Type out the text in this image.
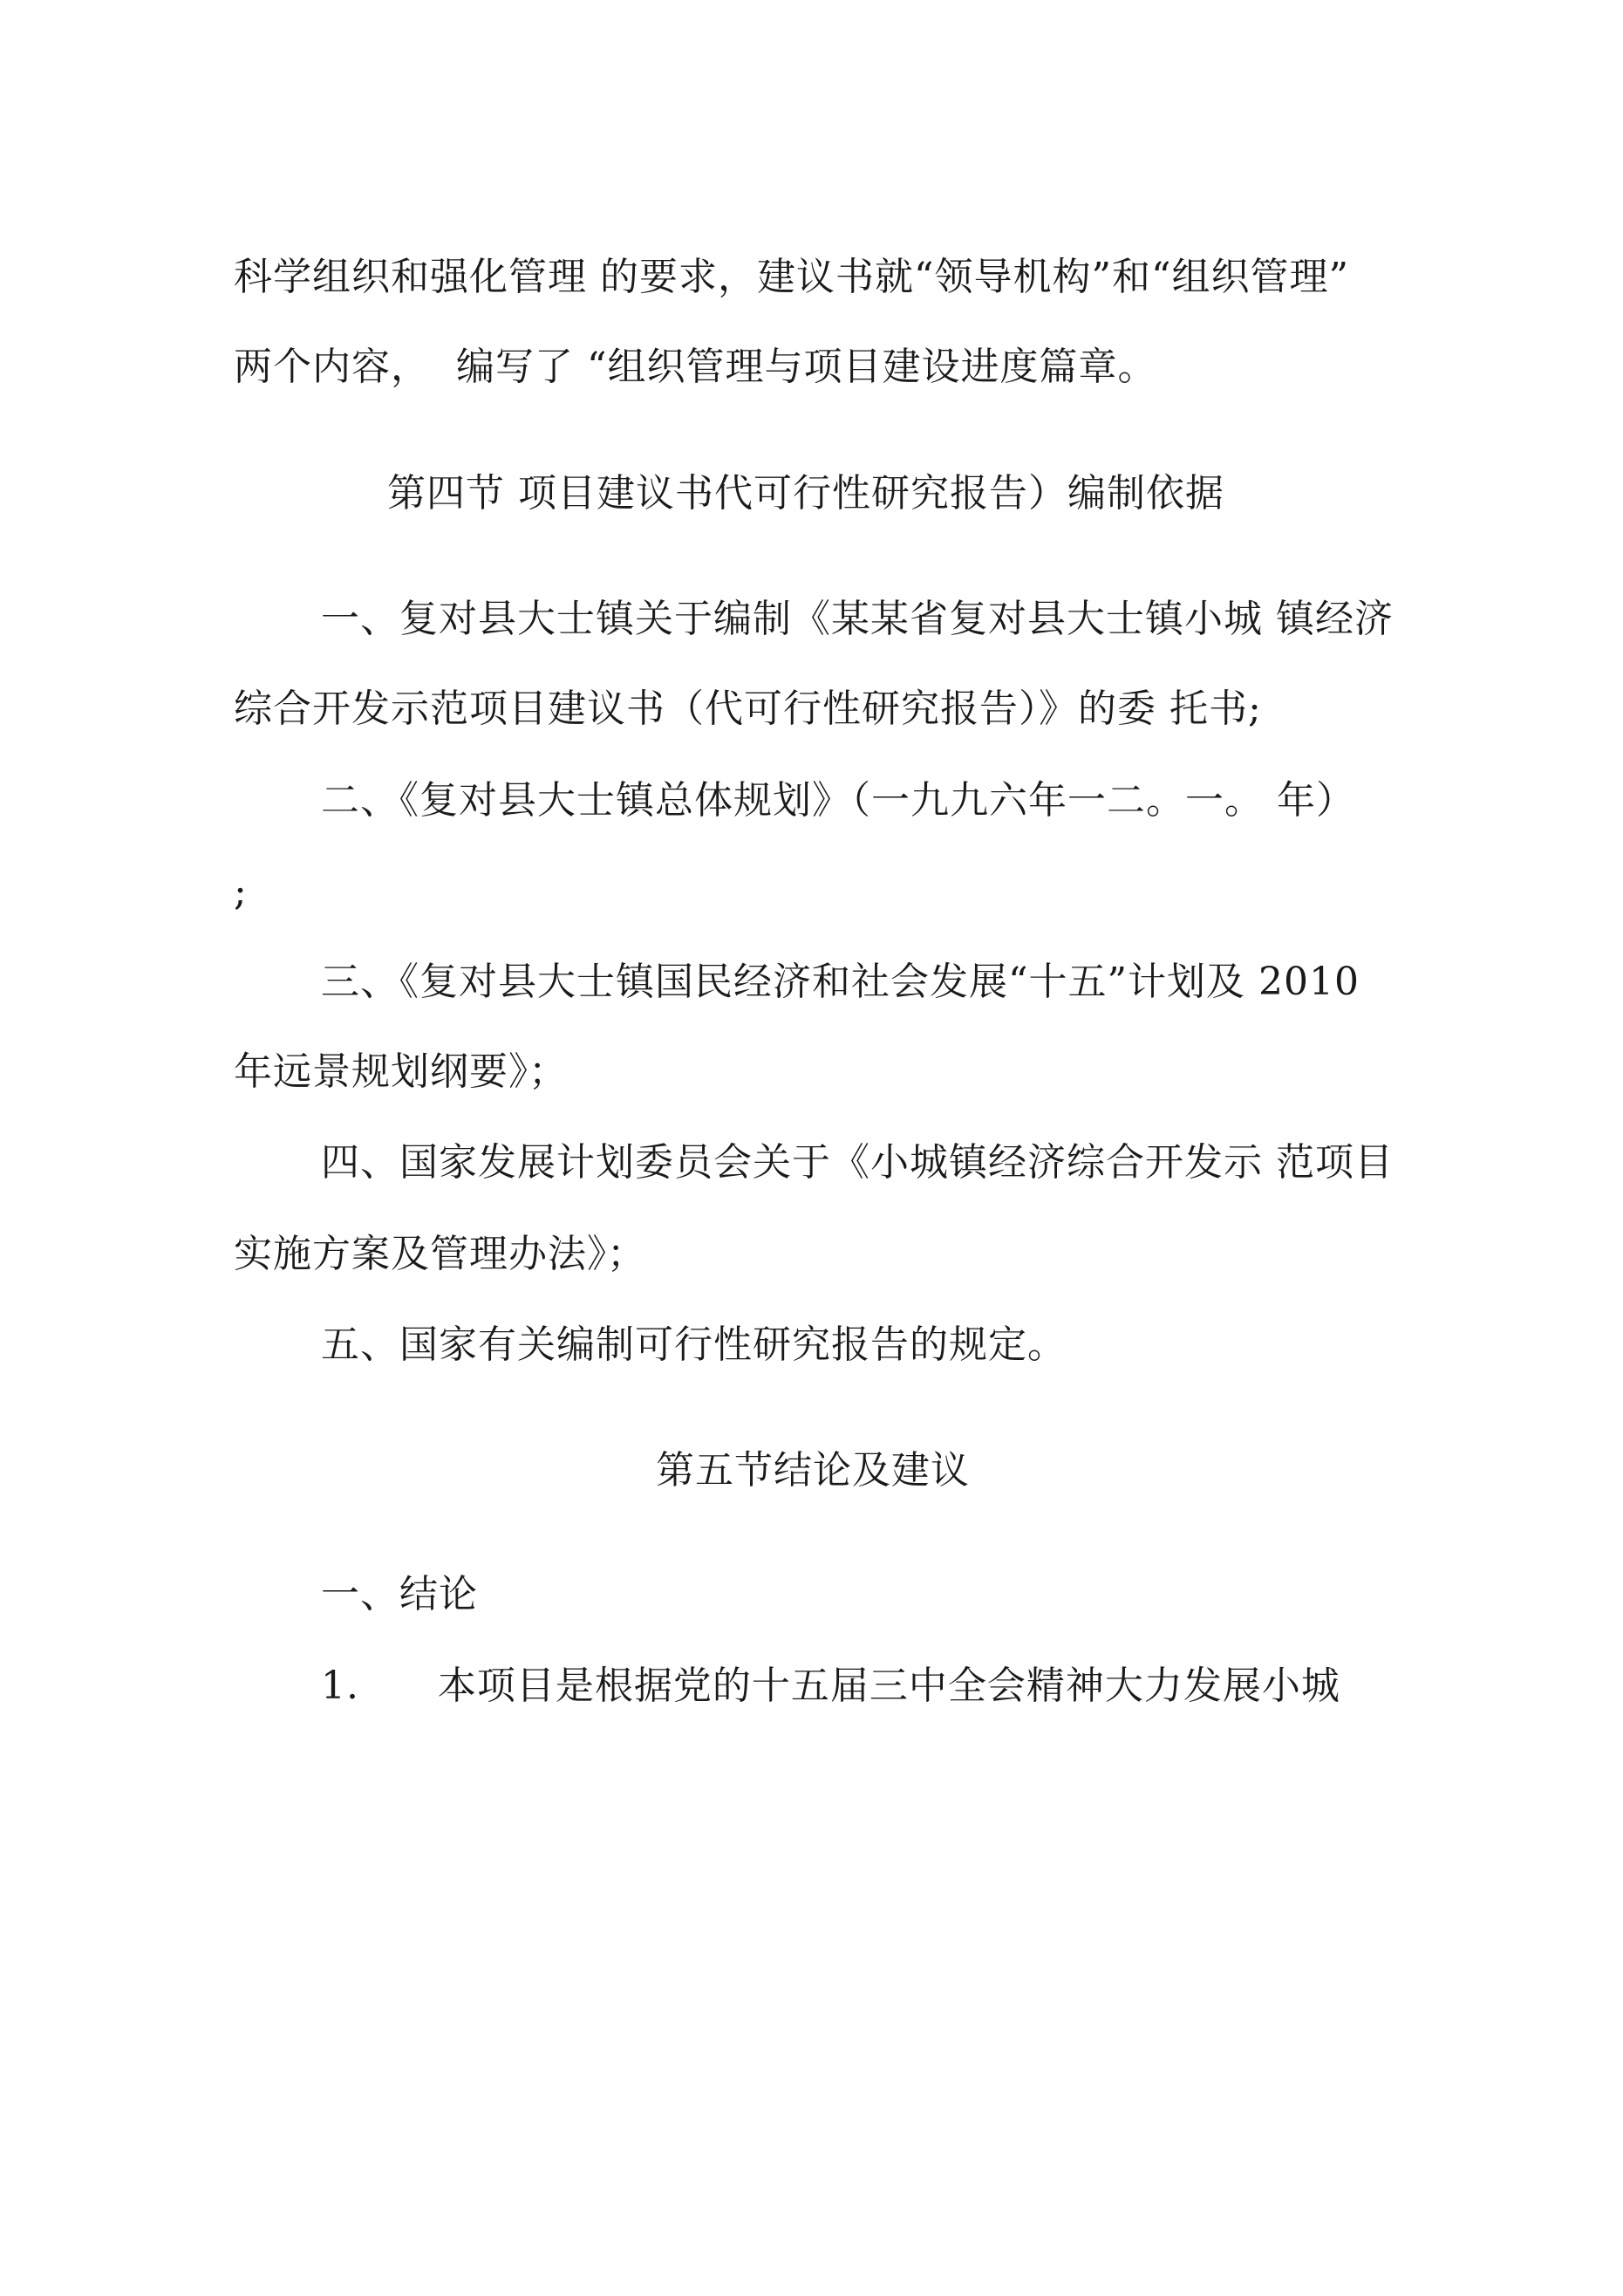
科学组织和强化管理 的要求，建议书就“领导机构”和“组织管理”
两个内容，  编写了 “组织管理与项目建设进度篇章。
第四节 项目建议书代可行性研究报告）编制依据
一、复对县大士镇关于编制《某某省复对县大士镇小城 镇经济
综合开发示范项目建议书（代可行性研究报告）》的委 托书;
二、《复对县大士镇总体规划》（一九九六年一二。一。 年）
;
三、《复对县大士镇国民经济和社会发展“十五”计划及 2010
年远景规划纲要》；
四、国家发展计划委员会关于《小城镇经济综合开发示 范项目
实施方案及管理办法》；
五、国家有关编制可行性研究报告的规定。
第五节结论及建议
一、结论
1.      本项目是根据党的十五届三中全会精神大力发展小城
